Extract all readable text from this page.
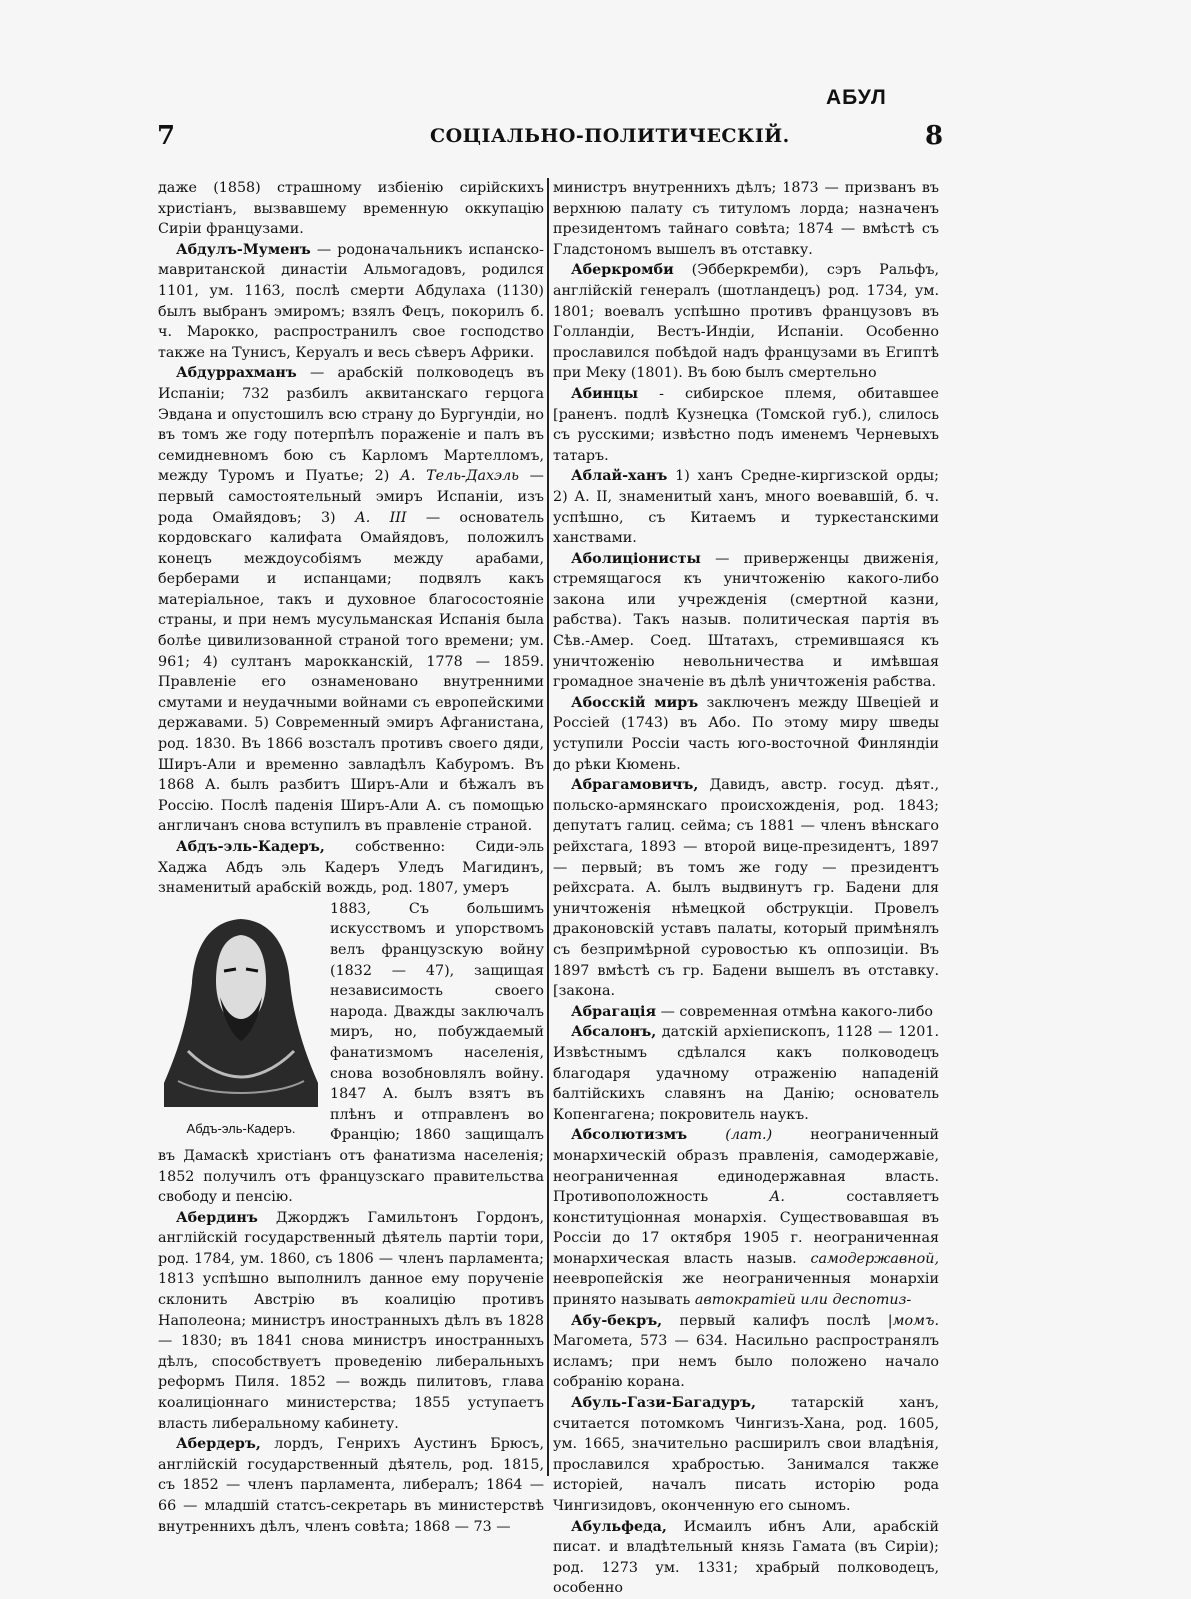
АБУЛ
7	СОЦІАЛЬНО-ПОЛИТИЧЕСКІЙ.	8

даже (1858) страшному избіенію сирійскихъ христіанъ, вызвавшему временную оккупацію Сиріи французами.

Абдулъ-Муменъ — родоначальникъ испанско-мавританской династіи Альмогадовъ, родился 1101, ум. 1163, послѣ смерти Абдулаха (1130) былъ выбранъ эмиромъ; взялъ Фецъ, покорилъ б. ч. Марокко, распространилъ свое господство также на Тунисъ, Керуалъ и весь сѣверъ Африки.

Абдуррахманъ — арабскій полководецъ въ Испаніи; 732 разбилъ аквитанскаго герцога Эвдана и опустошилъ всю страну до Бургундіи, но въ томъ же году потерпѣлъ пораженіе и палъ въ семидневномъ бою съ Карломъ Мартелломъ, между Туромъ и Пуатье; 2) А. Тель-Дахэль — первый самостоятельный эмиръ Испаніи, изъ рода Омайядовъ; 3) А. III — основатель кордовскаго калифата Омайядовъ, положилъ конецъ междоусобіямъ между арабами, берберами и испанцами; подвялъ какъ матеріальное, такъ и духовное благосостояніе страны, и при немъ мусульманская Испанія была болѣе цивилизованной страной того времени; ум. 961; 4) султанъ марокканскій, 1778 — 1859. Правленіе его ознаменовано внутренними смутами и неудачными войнами съ европейскими державами. 5) Современный эмиръ Афганистана, род. 1830. Въ 1866 возсталъ противъ своего дяди, Ширъ-Али и временно завладѣлъ Кабуромъ. Въ 1868 А. былъ разбитъ Ширъ-Али и бѣжалъ въ Россію. Послѣ паденія Ширъ-Али А. съ помощью англичанъ снова вступилъ въ правленіе страной.

Абдъ-эль-Кадеръ, собственно: Сиди-эль Хаджа Абдъ эль Кадеръ Уледъ Магидинъ, знаменитый арабскій вождь, род. 1807, умеръ

Абдъ-эль-Кадеръ.

1883, Съ большимъ искусствомъ и упорствомъ велъ французскую войну (1832 — 47), защищая независимость своего народа. Дважды заключалъ миръ, но, побуждаемый фанатизмомъ населенія, снова возобновлялъ войну. 1847 А. былъ взятъ въ плѣнъ и отправленъ во Францію; 1860 защищалъ въ Дамаскѣ христіанъ отъ фанатизма населенія; 1852 получилъ отъ французскаго правительства свободу и пенсію.

Абердинъ Джорджъ Гамильтонъ Гордонъ, англійскій государственный дѣятель партіи тори, род. 1784, ум. 1860, съ 1806 — членъ парламента; 1813 успѣшно выполнилъ данное ему порученіе склонить Австрію въ коалицію противъ Наполеона; министръ иностранныхъ дѣлъ въ 1828 — 1830; въ 1841 снова министръ иностранныхъ дѣлъ, способствуетъ проведенію либеральныхъ реформъ Пиля. 1852 — вождь пилитовъ, глава коалиціоннаго министерства; 1855 уступаетъ власть либеральному кабинету.

Абердеръ, лордъ, Генрихъ Аустинъ Брюсъ, англійскій государственный дѣятель, род. 1815, съ 1852 — членъ парламента, либералъ; 1864 — 66 — младшій статсъ-секретарь въ министерствѣ внутреннихъ дѣлъ, членъ совѣта; 1868 — 73 —

министръ внутреннихъ дѣлъ; 1873 — призванъ въ верхнюю палату съ титуломъ лорда; назначенъ президентомъ тайнаго совѣта; 1874 — вмѣстѣ съ Гладстономъ вышелъ въ отставку.

Аберкромби (Эбберкремби), сэръ Ральфъ, англійскій генералъ (шотландецъ) род. 1734, ум. 1801; воевалъ успѣшно противъ французовъ въ Голландіи, Вестъ-Индіи, Испаніи. Особенно прославился побѣдой надъ французами въ Египтѣ при Меку (1801). Въ бою былъ смертельно

Абинцы - сибирское племя, обитавшее [раненъ. подлѣ Кузнецка (Томской губ.), слилось съ русскими; извѣстно подъ именемъ Черневыхъ татаръ.

Аблай-ханъ 1) ханъ Средне-киргизской орды; 2) А. II, знаменитый ханъ, много воевавшій, б. ч. успѣшно, съ Китаемъ и туркестанскими ханствами.

Аболиціонисты — приверженцы движенія, стремящагося къ уничтоженію какого-либо закона или учрежденія (смертной казни, рабства). Такъ назыв. политическая партія въ Сѣв.-Амер. Соед. Штатахъ, стремившаяся къ уничтоженію невольничества и имѣвшая громадное значеніе въ дѣлѣ уничтоженія рабства.

Абосскій миръ заключенъ между Швеціей и Россіей (1743) въ Або. По этому миру шведы уступили Россіи часть юго-восточной Финляндіи до рѣки Кюмень.

Абрагамовичъ, Давидъ, австр. госуд. дѣят., польско-армянскаго происхожденія, род. 1843; депутатъ галиц. сейма; съ 1881 — членъ вѣнскаго рейхстага, 1893 — второй вице-президентъ, 1897 — первый; въ томъ же году — президентъ рейхсрата. А. былъ выдвинутъ гр. Бадени для уничтоженія нѣмецкой обструкціи. Провелъ драконовскій уставъ палаты, который примѣнялъ съ безпримѣрной суровостью къ оппозиціи. Въ 1897 вмѣстѣ съ гр. Бадени вышелъ въ отставку. [закона.

Абрагація — современная отмѣна какого-либо

Абсалонъ, датскій архіепископъ, 1128 — 1201. Извѣстнымъ сдѣлался какъ полководецъ благодаря удачному отраженію нападеній балтійскихъ славянъ на Данію; основатель Копенгагена; покровитель наукъ.

Абсолютизмъ (лат.) неограниченный монархическій образъ правленія, самодержавіе, неограниченная единодержавная власть. Противоположность А. составляетъ конституціонная монархія. Существовавшая въ Россіи до 17 октября 1905 г. неограниченная монархическая власть назыв. самодержавной, неевропейскія же неограниченныя монархіи принято называть автократіей или деспотиз-

Абу-бекръ, первый калифъ послѣ |момъ. Магомета, 573 — 634. Насильно распространялъ исламъ; при немъ было положено начало собранію корана.

Абуль-Гази-Багадуръ, татарскій ханъ, считается потомкомъ Чингизъ-Хана, род. 1605, ум. 1665, значительно расширилъ свои владѣнія, прославился храбростью. Занимался также исторіей, началъ писать исторію рода Чингизидовъ, оконченную его сыномъ.

Абульфеда, Исмаилъ ибнъ Али, арабскій писат. и владѣтельный князь Гамата (въ Сиріи); род. 1273 ум. 1331; храбрый полководецъ, особенно
